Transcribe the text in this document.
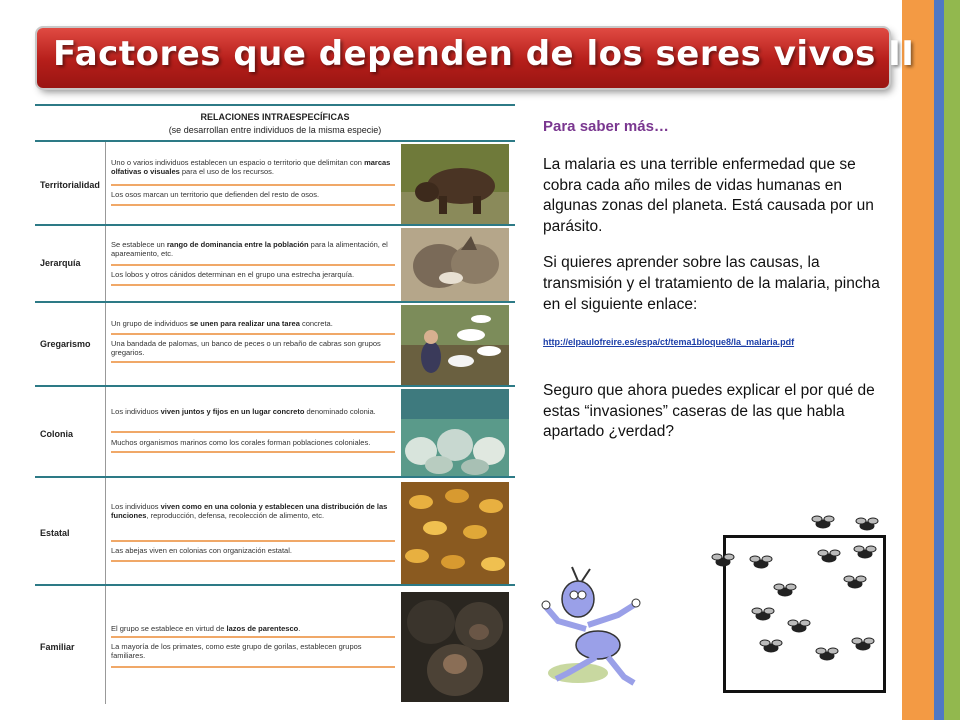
Factores que dependen de los seres vivos II
RELACIONES INTRAESPECÍFICAS
(se desarrollan entre individuos de la misma especie)
Territorialidad
Uno o varios individuos establecen un espacio o territorio que delimitan con marcas olfativas o visuales para el uso de los recursos.
Los osos marcan un territorio que defienden del resto de osos.
Jerarquía
Se establece un rango de dominancia entre la población para la alimentación, el apareamiento, etc.
Los lobos y otros cánidos determinan en el grupo una estrecha jerarquía.
Gregarismo
Un grupo de individuos se unen para realizar una tarea concreta.
Una bandada de palomas, un banco de peces o un rebaño de cabras son grupos gregarios.
Colonia
Los individuos viven juntos y fijos en un lugar concreto denominado colonia.
Muchos organismos marinos como los corales forman poblaciones coloniales.
Estatal
Los individuos viven como en una colonia y establecen una distribución de las funciones, reproducción, defensa, recolección de alimento, etc.
Las abejas viven en colonias con organización estatal.
Familiar
El grupo se establece en virtud de lazos de parentesco.
La mayoría de los primates, como este grupo de gorilas, establecen grupos familiares.
Para saber más…
La malaria es una terrible enfermedad que se cobra cada año miles de vidas humanas en algunas zonas del planeta. Está causada por un parásito.
Si quieres aprender sobre las causas, la transmisión y el tratamiento de la malaria, pincha en el siguiente enlace:
http://elpaulofreire.es/espa/ct/tema1bloque8/la_malaria.pdf
Seguro que ahora puedes explicar el por qué de estas “invasiones” caseras de las que habla apartado ¿verdad?
